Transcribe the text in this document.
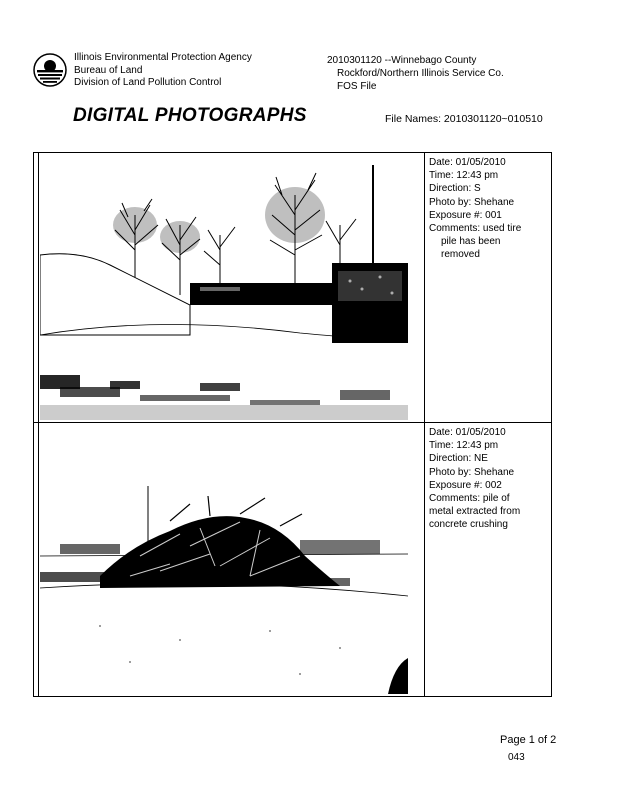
Illinois Environmental Protection Agency
Bureau of Land
Division of Land Pollution Control
2010301120 --Winnebago County
Rockford/Northern Illinois Service Co.
FOS File
DIGITAL PHOTOGRAPHS	File Names: 2010301120~010510
Date: 01/05/2010
Time: 12:43 pm
Direction: S
Photo by: Shehane
Exposure #: 001
Comments: used tire
pile has been
removed
Date: 01/05/2010
Time: 12:43 pm
Direction: NE
Photo by: Shehane
Exposure #: 002
Comments: pile of
metal extracted from
concrete crushing
Page 1 of 2
043
